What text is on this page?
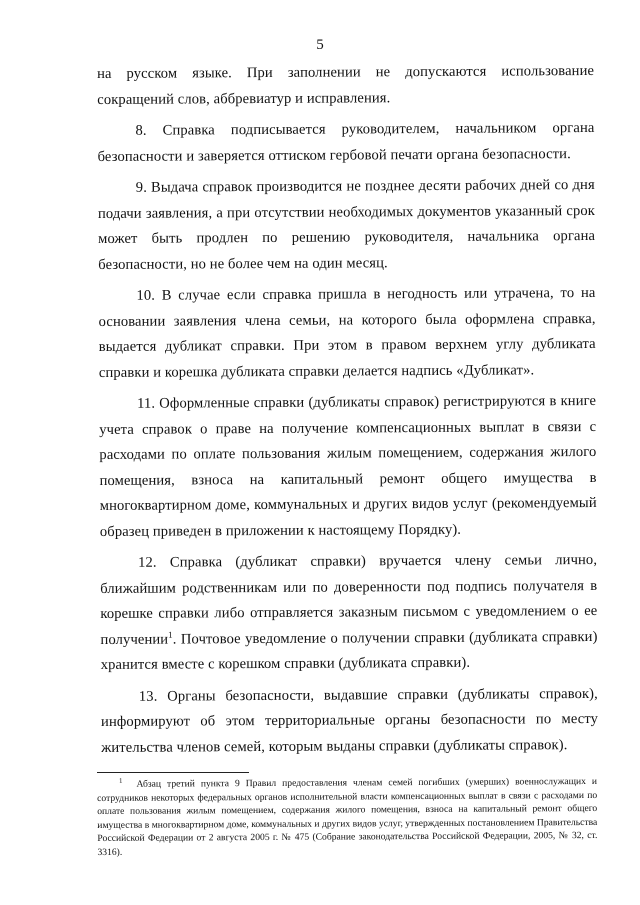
5

на русском языке. При заполнении не допускаются использование сокращений слов, аббревиатур и исправления.

8. Справка подписывается руководителем, начальником органа безопасности и заверяется оттиском гербовой печати органа безопасности.

9. Выдача справок производится не позднее десяти рабочих дней со дня подачи заявления, а при отсутствии необходимых документов указанный срок может быть продлен по решению руководителя, начальника органа безопасности, но не более чем на один месяц.

10. В случае если справка пришла в негодность или утрачена, то на основании заявления члена семьи, на которого была оформлена справка, выдается дубликат справки. При этом в правом верхнем углу дубликата справки и корешка дубликата справки делается надпись «Дубликат».

11. Оформленные справки (дубликаты справок) регистрируются в книге учета справок о праве на получение компенсационных выплат в связи с расходами по оплате пользования жилым помещением, содержания жилого помещения, взноса на капитальный ремонт общего имущества в многоквартирном доме, коммунальных и других видов услуг (рекомендуемый образец приведен в приложении к настоящему Порядку).

12. Справка (дубликат справки) вручается члену семьи лично, ближайшим родственникам или по доверенности под подпись получателя в корешке справки либо отправляется заказным письмом с уведомлением о ее получении$^1$. Почтовое уведомление о получении справки (дубликата справки) хранится вместе с корешком справки (дубликата справки).

13. Органы безопасности, выдавшие справки (дубликаты справок), информируют об этом территориальные органы безопасности по месту жительства членов семей, которым выданы справки (дубликаты справок).

$^1$ Абзац третий пункта 9 Правил предоставления членам семей погибших (умерших) военнослужащих и сотрудников некоторых федеральных органов исполнительной власти компенсационных выплат в связи с расходами по оплате пользования жилым помещением, содержания жилого помещения, взноса на капитальный ремонт общего имущества в многоквартирном доме, коммунальных и других видов услуг, утвержденных постановлением Правительства Российской Федерации от 2 августа 2005 г. № 475 (Собрание законодательства Российской Федерации, 2005, № 32, ст. 3316).
